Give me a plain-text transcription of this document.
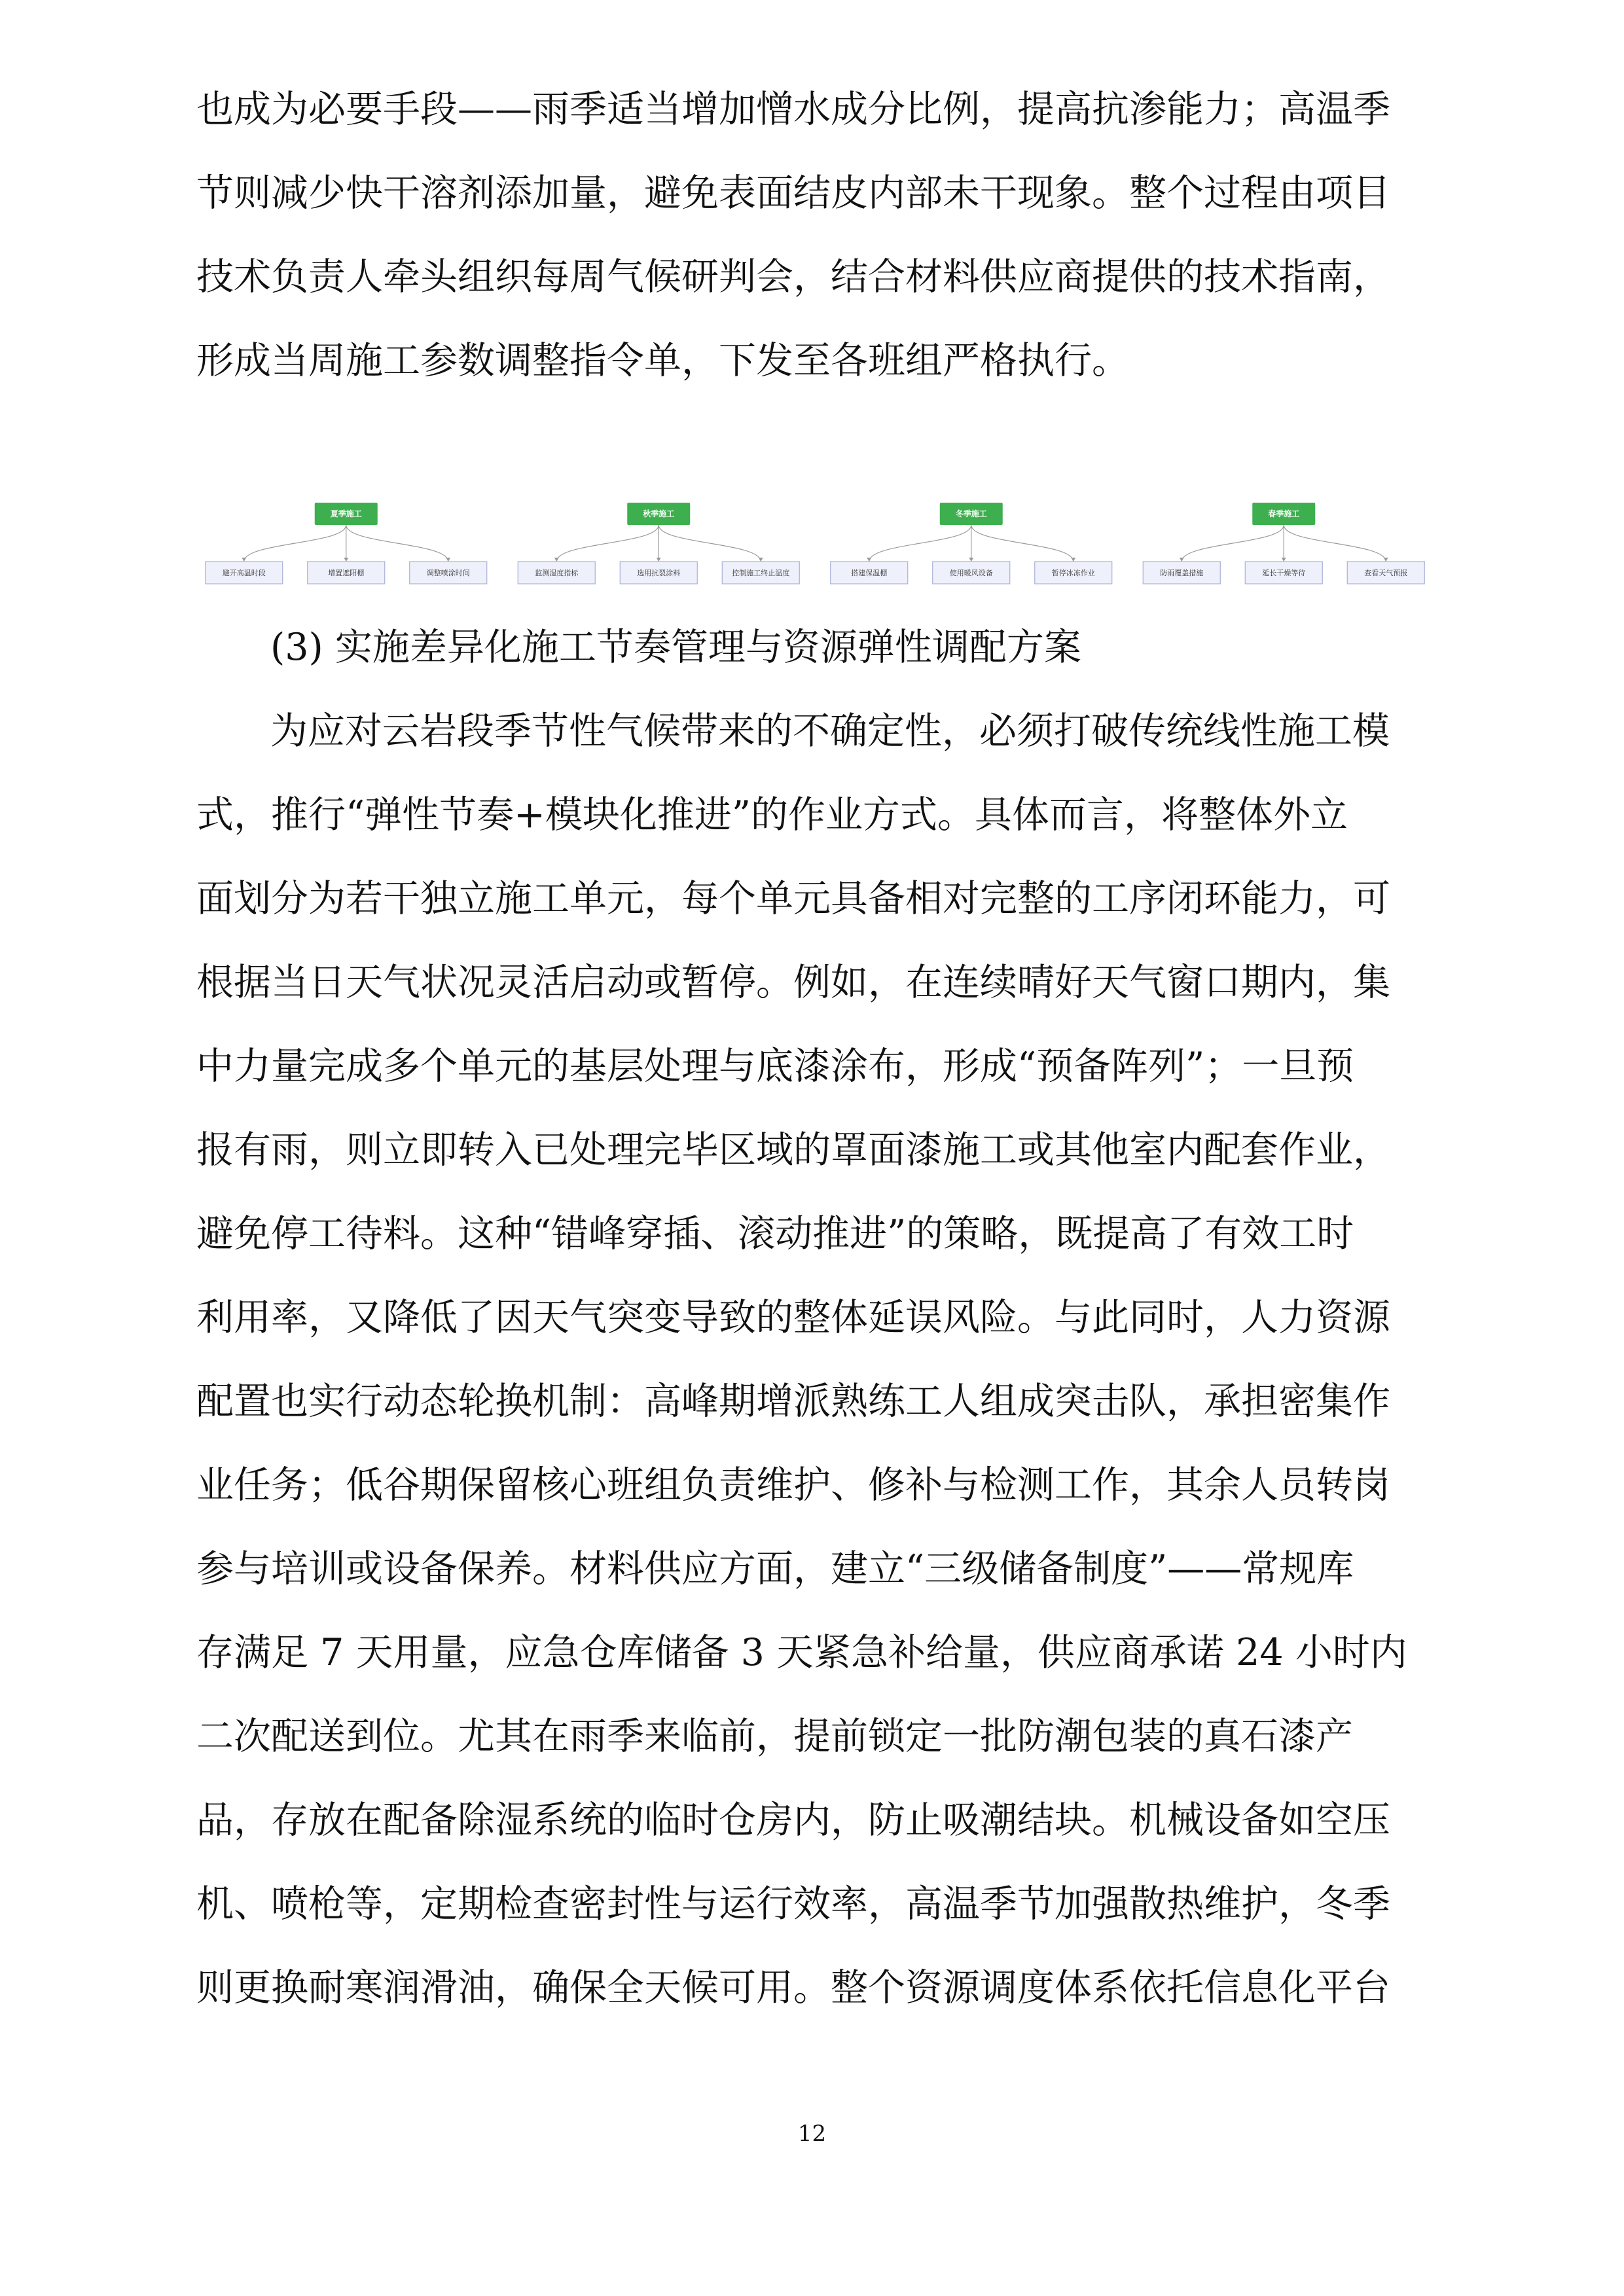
也成为必要手段——雨季适当增加憎水成分比例，提高抗渗能力；高温季

节则减少快干溶剂添加量，避免表面结皮内部未干现象。整个过程由项目

技术负责人牵头组织每周气候研判会，结合材料供应商提供的技术指南，

形成当周施工参数调整指令单，下发至各班组严格执行。

避开高温时段	增置遮阳棚	调整喷涂时间
夏季施工
监测湿度指标	选用抗裂涂料	控制施工终止温度
秋季施工
搭建保温棚	使用暖风设备	暂停冰冻作业
冬季施工
防雨覆盖措施	延长干燥等待	查看天气预报
春季施工

(3) 实施差异化施工节奏管理与资源弹性调配方案

为应对云岩段季节性气候带来的不确定性，必须打破传统线性施工模

式，推行“弹性节奏+模块化推进”的作业方式。具体而言，将整体外立

面划分为若干独立施工单元，每个单元具备相对完整的工序闭环能力，可

根据当日天气状况灵活启动或暂停。例如，在连续晴好天气窗口期内，集

中力量完成多个单元的基层处理与底漆涂布，形成“预备阵列”；一旦预

报有雨，则立即转入已处理完毕区域的罩面漆施工或其他室内配套作业，

避免停工待料。这种“错峰穿插、滚动推进”的策略，既提高了有效工时

利用率，又降低了因天气突变导致的整体延误风险。与此同时，人力资源

配置也实行动态轮换机制：高峰期增派熟练工人组成突击队，承担密集作

业任务；低谷期保留核心班组负责维护、修补与检测工作，其余人员转岗

参与培训或设备保养。材料供应方面，建立“三级储备制度”——常规库

存满足 7 天用量，应急仓库储备 3 天紧急补给量，供应商承诺 24 小时内

二次配送到位。尤其在雨季来临前，提前锁定一批防潮包装的真石漆产

品，存放在配备除湿系统的临时仓房内，防止吸潮结块。机械设备如空压

机、喷枪等，定期检查密封性与运行效率，高温季节加强散热维护，冬季

则更换耐寒润滑油，确保全天候可用。整个资源调度体系依托信息化平台

12
